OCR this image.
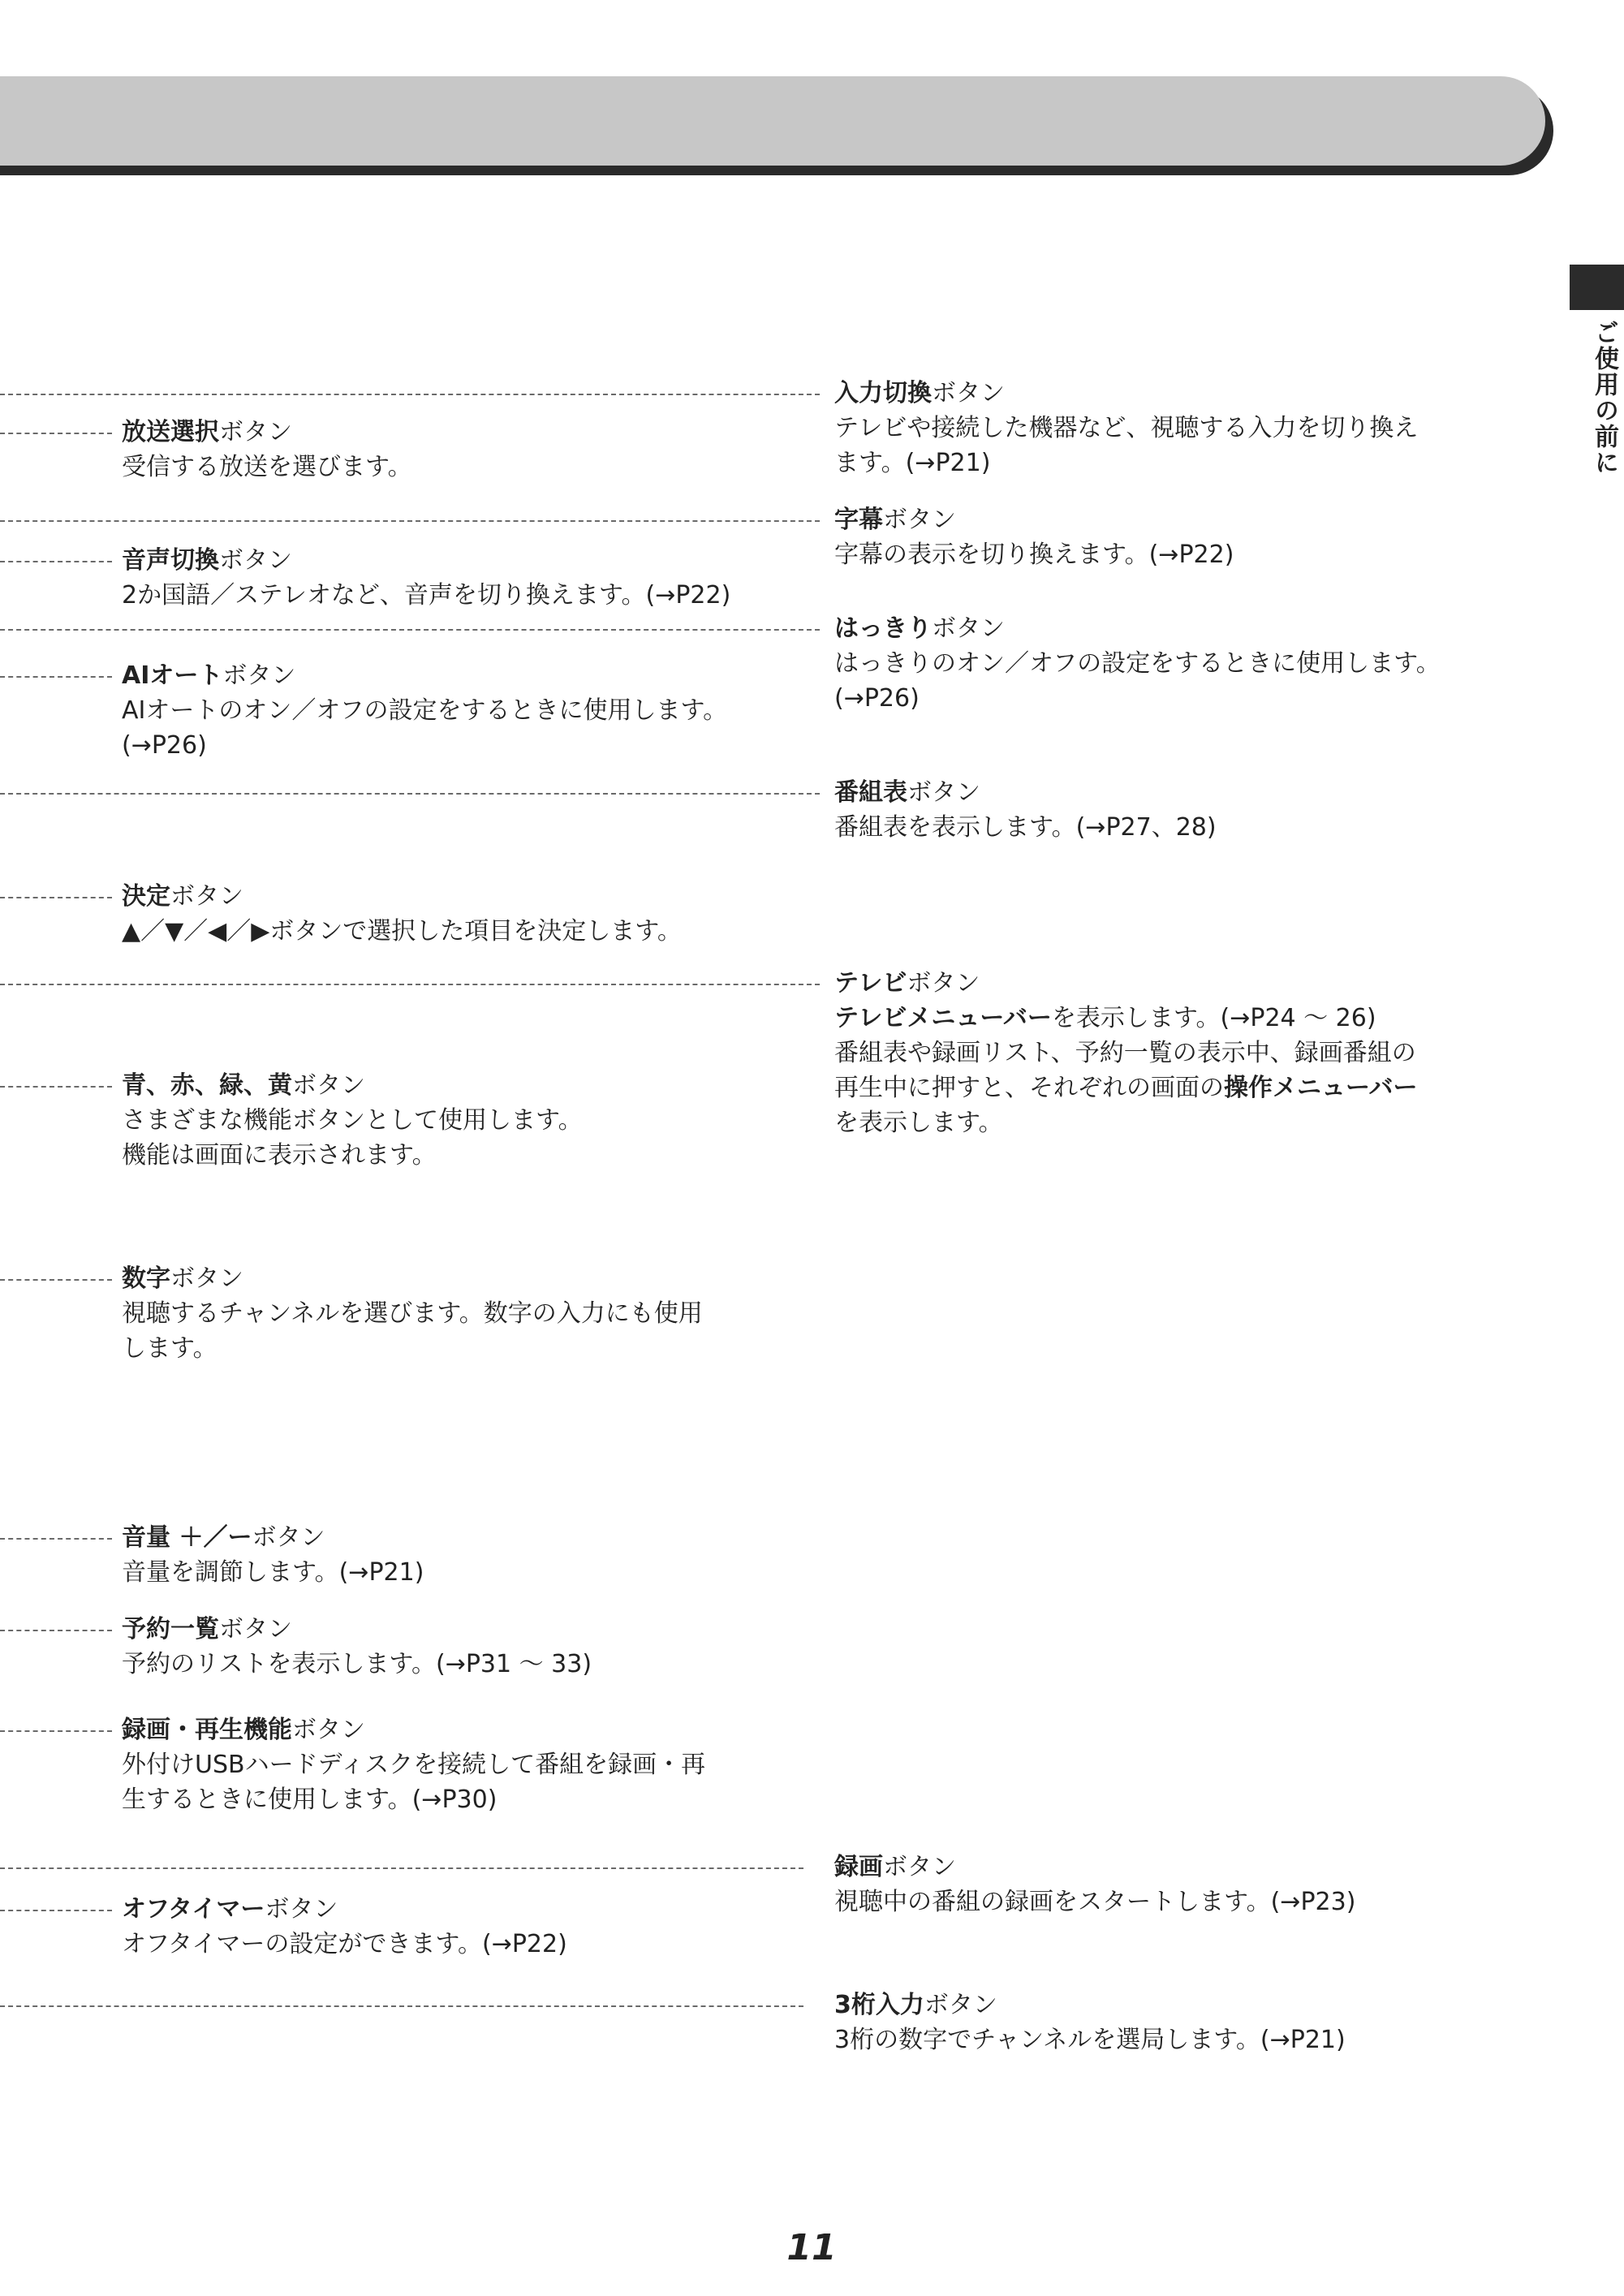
ご使用の前に
放送選択ボタン
受信する放送を選びます。
音声切換ボタン
2か国語／ステレオなど、音声を切り換えます。(→P22)
AIオートボタン
AIオートのオン／オフの設定をするときに使用します。
(→P26)
決定ボタン
▲／▼／◀／▶ボタンで選択した項目を決定します。
青、赤、緑、黄ボタン
さまざまな機能ボタンとして使用します。
機能は画面に表示されます。
数字ボタン
視聴するチャンネルを選びます。数字の入力にも使用
します。
音量 ＋／ーボタン
音量を調節します。(→P21)
予約一覧ボタン
予約のリストを表示します。(→P31 〜 33)
録画・再生機能ボタン
外付けUSBハードディスクを接続して番組を録画・再
生するときに使用します。(→P30)
オフタイマーボタン
オフタイマーの設定ができます。(→P22)
入力切換ボタン
テレビや接続した機器など、視聴する入力を切り換え
ます。(→P21)
字幕ボタン
字幕の表示を切り換えます。(→P22)
はっきりボタン
はっきりのオン／オフの設定をするときに使用します。
(→P26)
番組表ボタン
番組表を表示します。(→P27、28)
テレビボタン
テレビメニューバーを表示します。(→P24 〜 26)
番組表や録画リスト、予約一覧の表示中、録画番組の
再生中に押すと、それぞれの画面の操作メニューバー
を表示します。
録画ボタン
視聴中の番組の録画をスタートします。(→P23)
3桁入力ボタン
3桁の数字でチャンネルを選局します。(→P21)
11
